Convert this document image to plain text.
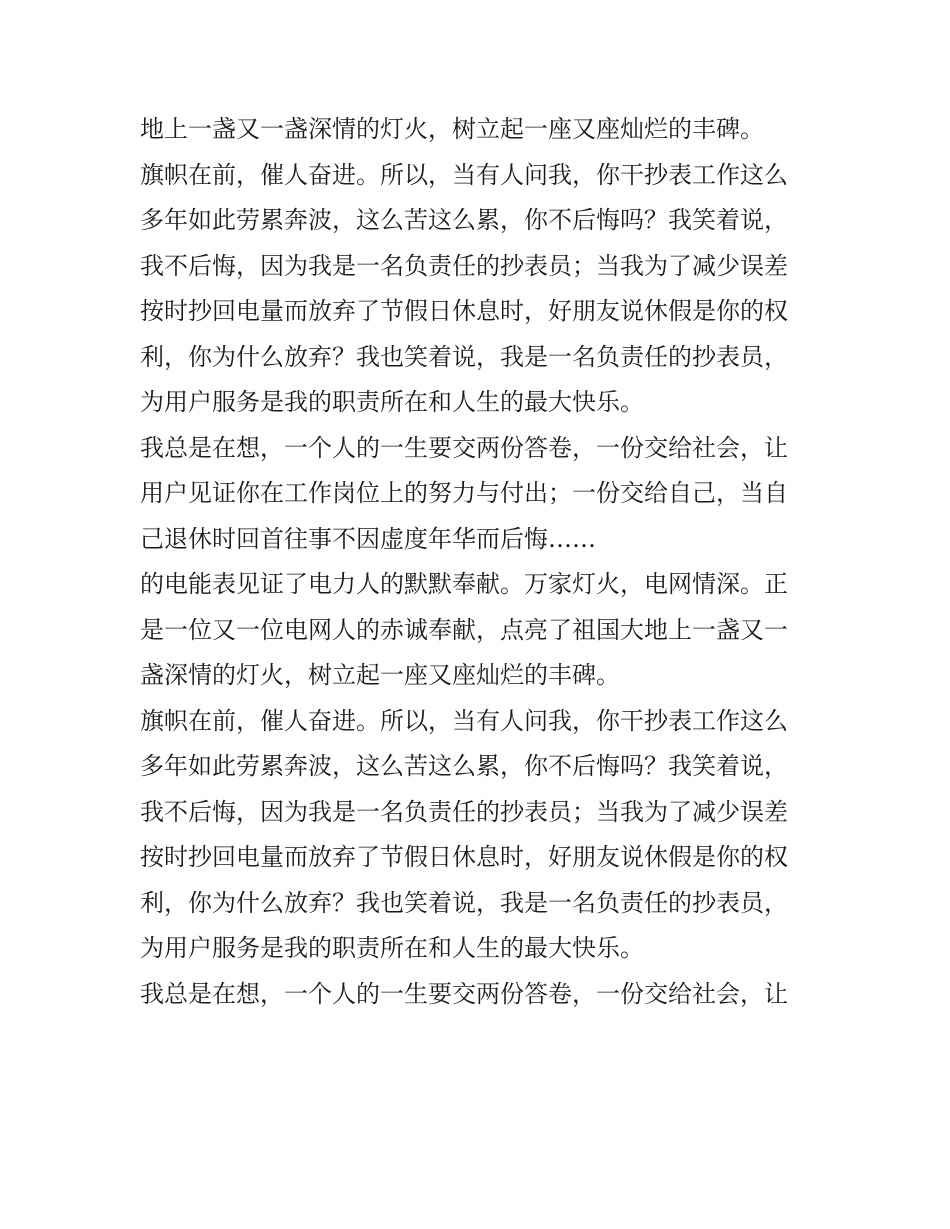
地上一盏又一盏深情的灯火，树立起一座又座灿烂的丰碑。
旗帜在前，催人奋进。所以，当有人问我，你干抄表工作这么
多年如此劳累奔波，这么苦这么累，你不后悔吗？我笑着说，
我不后悔，因为我是一名负责任的抄表员；当我为了减少误差
按时抄回电量而放弃了节假日休息时，好朋友说休假是你的权
利，你为什么放弃？我也笑着说，我是一名负责任的抄表员，
为用户服务是我的职责所在和人生的最大快乐。
我总是在想，一个人的一生要交两份答卷，一份交给社会，让
用户见证你在工作岗位上的努力与付出；一份交给自己，当自
己退休时回首往事不因虚度年华而后悔……
的电能表见证了电力人的默默奉献。万家灯火，电网情深。正
是一位又一位电网人的赤诚奉献，点亮了祖国大地上一盏又一
盏深情的灯火，树立起一座又座灿烂的丰碑。
旗帜在前，催人奋进。所以，当有人问我，你干抄表工作这么
多年如此劳累奔波，这么苦这么累，你不后悔吗？我笑着说，
我不后悔，因为我是一名负责任的抄表员；当我为了减少误差
按时抄回电量而放弃了节假日休息时，好朋友说休假是你的权
利，你为什么放弃？我也笑着说，我是一名负责任的抄表员，
为用户服务是我的职责所在和人生的最大快乐。
我总是在想，一个人的一生要交两份答卷，一份交给社会，让
